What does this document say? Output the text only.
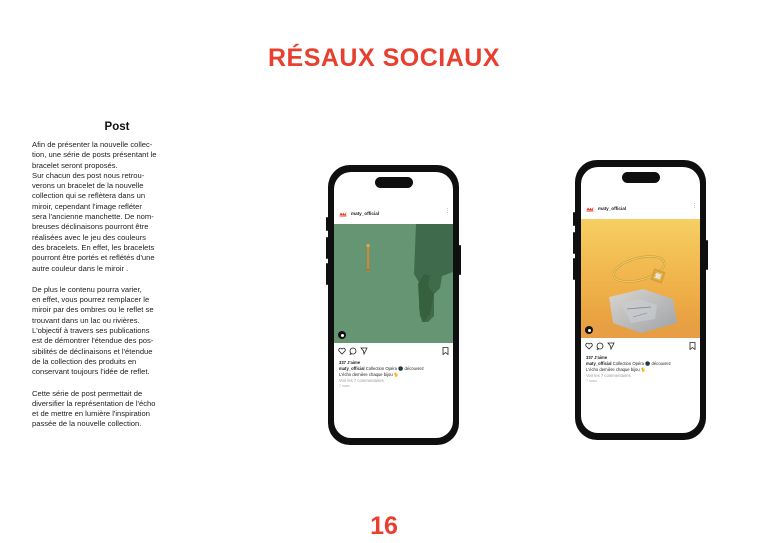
RÉSAUX SOCIAUX
Post

Afin de présenter la nouvelle collec-
tion, une série de posts présentant le
bracelet seront proposés.
Sur chacun des post nous retrou-
verons un bracelet de la nouvelle
collection qui se reflètera dans un
miroir, cependant l'image refléter
sera l'ancienne manchette. De nom-
breuses déclinaisons pourront être
réalisées avec le jeu des couleurs
des bracelets. En effet, les bracelets
pourront être portés et reflétés d'une
autre couleur dans le miroir .

De plus le contenu pourra varier,
en effet, vous pourrez remplacer le
miroir par des ombres ou le reflet se
trouvant dans un lac ou rivières.
L'objectif à travers ses publications
est de démontrer l'étendue des pos-
sibilités de déclinaisons et l'étendue
de la collection des produits en
conservant toujours l'idée de reflet.

Cette série de post permettait de
diversifier la représentation de l'écho
et de mettre en lumière l'inspiration
passée de la nouvelle collection.

maty_official	⋮
337 J'aime
maty_official Collection Opéra 🌑 découvrez
L'écho dernière chaque bijou 🐈
Voir les 7 commentaires
7 mars
maty_official	⋮
337 J'aime
maty_official Collection Opéra 🌑 découvrez
L'écho dernière chaque bijou 🐈
Voir les 7 commentaires
7 mars
16
